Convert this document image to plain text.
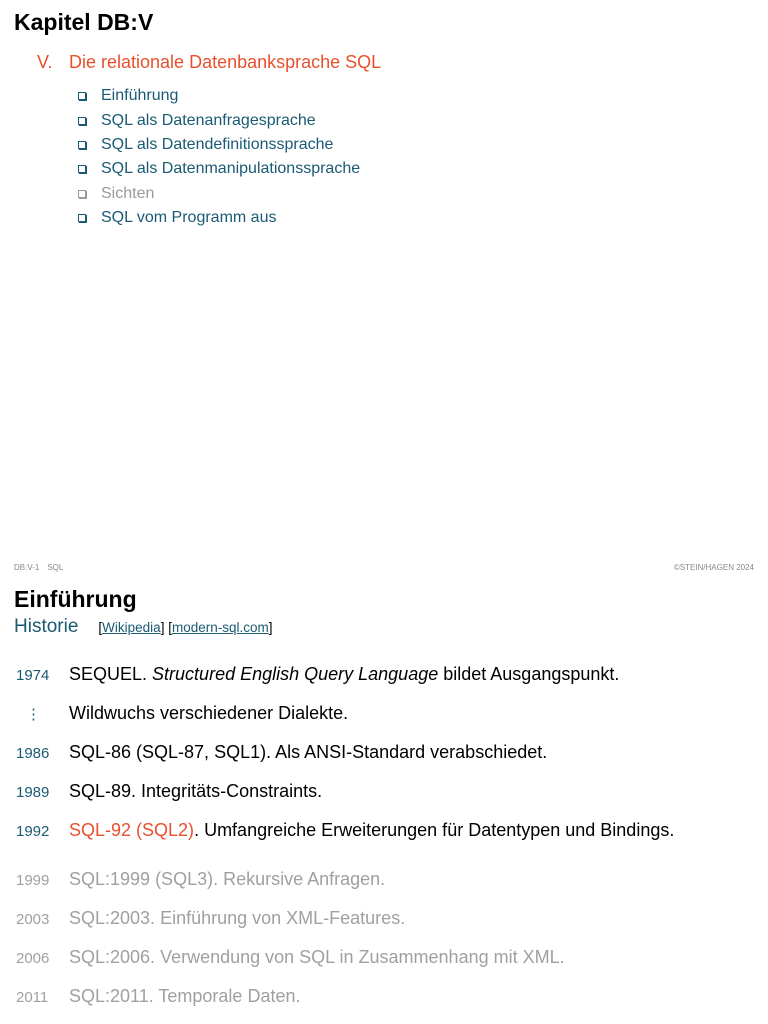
Kapitel DB:V
V. Die relationale Datenbanksprache SQL
Einführung
SQL als Datenanfragesprache
SQL als Datendefinitionssprache
SQL als Datenmanipulationssprache
Sichten
SQL vom Programm aus
DB:V-1 SQL	©STEIN/HAGEN 2024
Einführung
Historie [Wikipedia] [modern-sql.com]
1974	SEQUEL. Structured English Query Language bildet Ausgangspunkt.
⋮	Wildwuchs verschiedener Dialekte.
1986	SQL-86 (SQL-87, SQL1). Als ANSI-Standard verabschiedet.
1989	SQL-89. Integritäts-Constraints.
1992	SQL-92 (SQL2). Umfangreiche Erweiterungen für Datentypen und Bindings.
1999	SQL:1999 (SQL3). Rekursive Anfragen.
2003	SQL:2003. Einführung von XML-Features.
2006	SQL:2006. Verwendung von SQL in Zusammenhang mit XML.
2011	SQL:2011. Temporale Daten.
